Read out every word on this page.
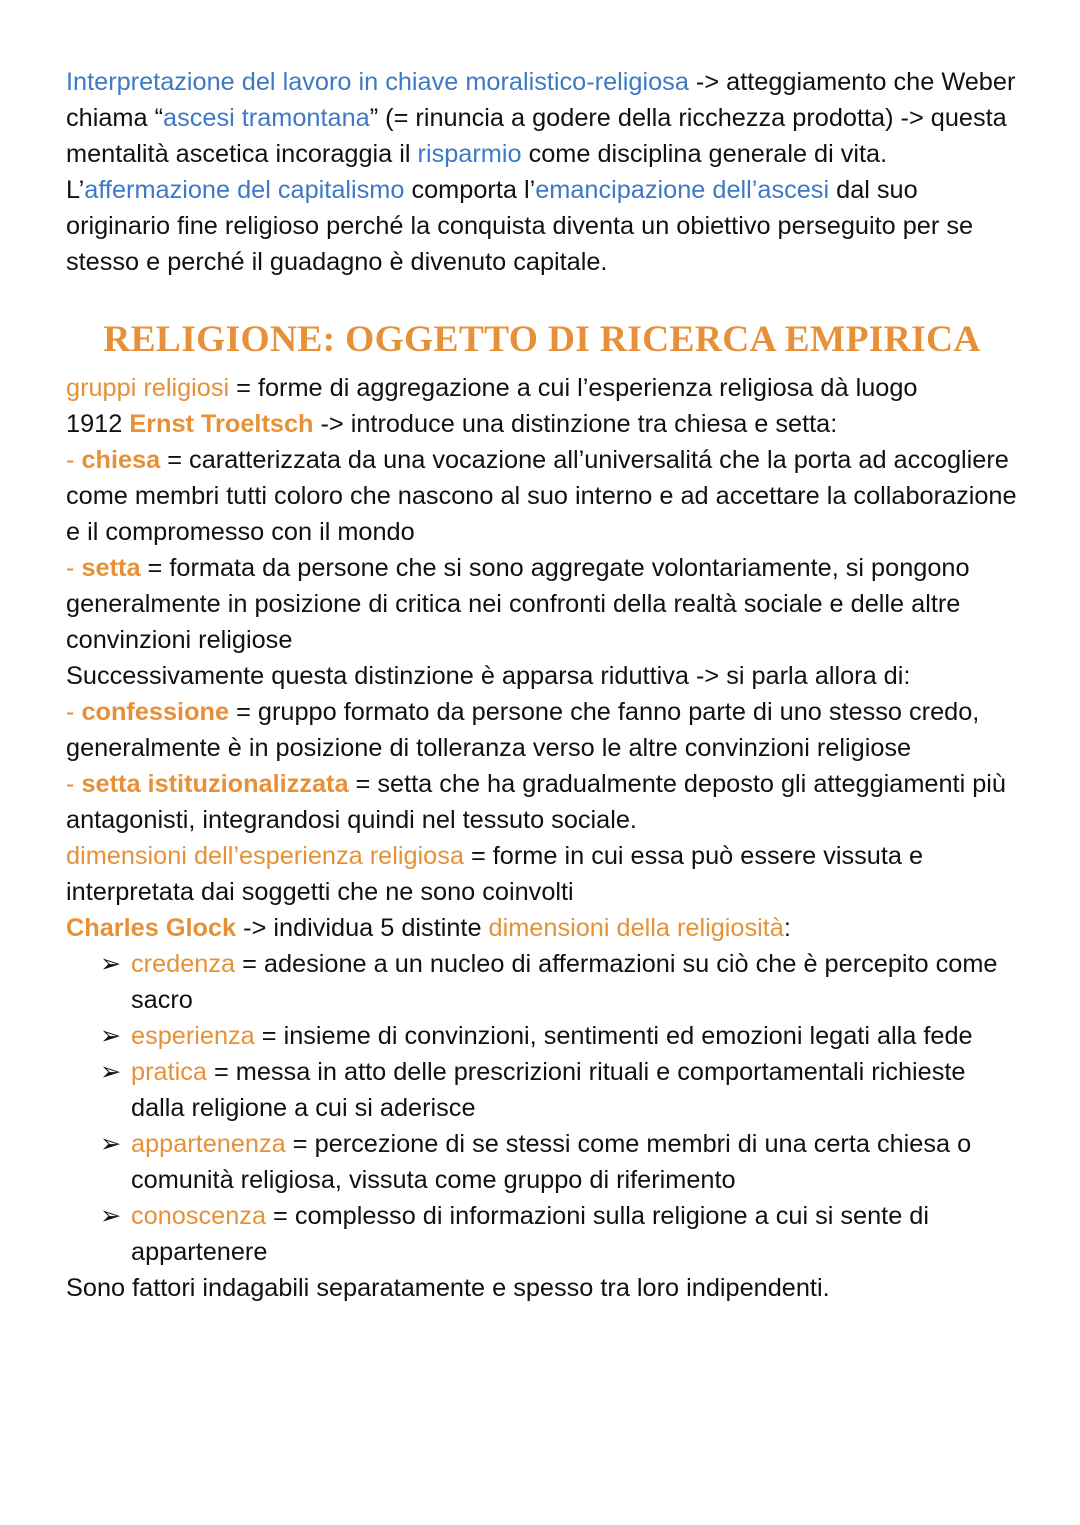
Interpretazione del lavoro in chiave moralistico-religiosa -> atteggiamento che Weber chiama “ascesi tramontana” (= rinuncia a godere della ricchezza prodotta) -> questa mentalità ascetica incoraggia il risparmio come disciplina generale di vita.

L’affermazione del capitalismo comporta l’emancipazione dell’ascesi dal suo originario fine religioso perché la conquista diventa un obiettivo perseguito per se stesso e perché il guadagno è divenuto capitale.

RELIGIONE: OGGETTO DI RICERCA EMPIRICA

gruppi religiosi = forme di aggregazione a cui l’esperienza religiosa dà luogo

1912 Ernst Troeltsch -> introduce una distinzione tra chiesa e setta:

- chiesa = caratterizzata da una vocazione all’universalitá che la porta ad accogliere come membri tutti coloro che nascono al suo interno e ad accettare la collaborazione e il compromesso con il mondo

- setta = formata da persone che si sono aggregate volontariamente, si pongono generalmente in posizione di critica nei confronti della realtà sociale e delle altre convinzioni religiose

Successivamente questa distinzione è apparsa riduttiva -> si parla allora di:

- confessione = gruppo formato da persone che fanno parte di uno stesso credo, generalmente è in posizione di tolleranza verso le altre convinzioni religiose

- setta istituzionalizzata = setta che ha gradualmente deposto gli atteggiamenti più antagonisti, integrandosi quindi nel tessuto sociale.

dimensioni dell’esperienza religiosa = forme in cui essa può essere vissuta e interpretata dai soggetti che ne sono coinvolti

Charles Glock -> individua 5 distinte dimensioni della religiosità:

➢ credenza = adesione a un nucleo di affermazioni su ciò che è percepito come sacro
➢ esperienza = insieme di convinzioni, sentimenti ed emozioni legati alla fede
➢ pratica = messa in atto delle prescrizioni rituali e comportamentali richieste dalla religione a cui si aderisce
➢ appartenenza = percezione di se stessi come membri di una certa chiesa o comunità religiosa, vissuta come gruppo di riferimento
➢ conoscenza = complesso di informazioni sulla religione a cui si sente di appartenere

Sono fattori indagabili separatamente e spesso tra loro indipendenti.
